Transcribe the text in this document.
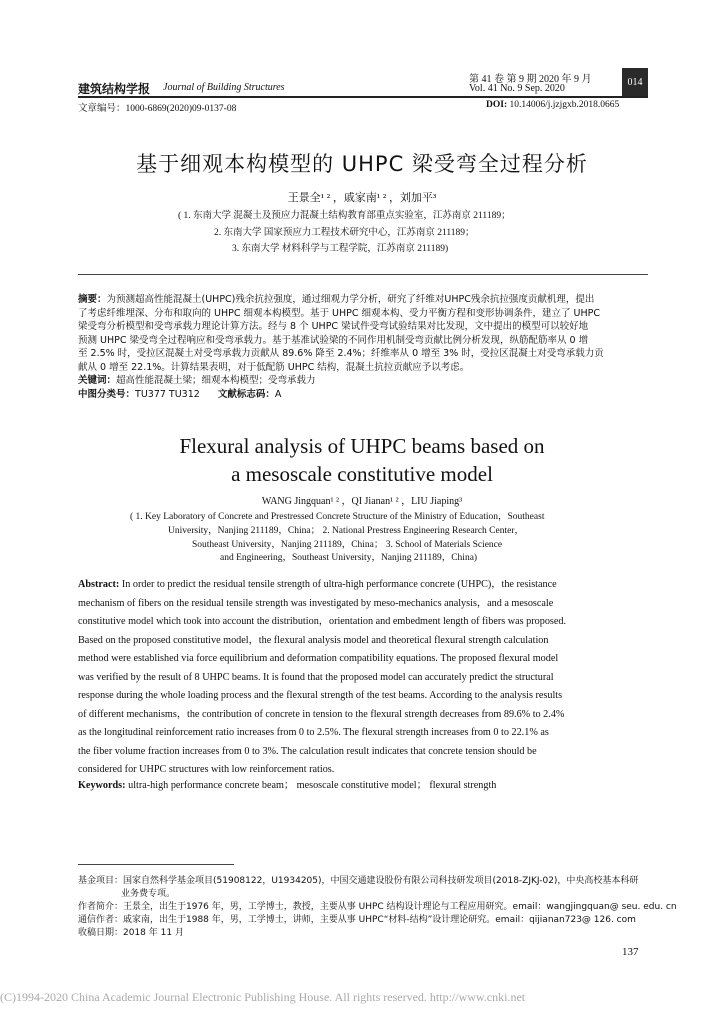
建筑结构学报 Journal of Building Structures
第 41 卷 第 9 期 2020 年 9 月
Vol. 41 No. 9 Sep. 2020
014
文章编号：1000-6869(2020)09-0137-08	DOI: 10.14006/j.jzjgxb.2018.0665
基于细观本构模型的 UHPC 梁受弯全过程分析
王景全¹ ² ，戚家南¹ ² ，刘加平³
( 1. 东南大学 混凝土及预应力混凝土结构教育部重点实验室，江苏南京 211189；
2. 东南大学 国家预应力工程技术研究中心，江苏南京 211189；
3. 东南大学 材料科学与工程学院，江苏南京 211189)
摘要：为预测超高性能混凝土(UHPC)残余抗拉强度，通过细观力学分析，研究了纤维对UHPC残余抗拉强度贡献机理，提出
了考虑纤维埋深、分布和取向的 UHPC 细观本构模型。基于 UHPC 细观本构、受力平衡方程和变形协调条件，建立了 UHPC
梁受弯分析模型和受弯承载力理论计算方法。经与 8 个 UHPC 梁试件受弯试验结果对比发现，文中提出的模型可以较好地
预测 UHPC 梁受弯全过程响应和受弯承载力。基于基准试验梁的不同作用机制受弯贡献比例分析发现，纵筋配筋率从 0 增
至 2.5% 时，受拉区混凝土对受弯承载力贡献从 89.6% 降至 2.4%；纤维率从 0 增至 3% 时，受拉区混凝土对受弯承载力贡
献从 0 增至 22.1%。计算结果表明，对于低配筋 UHPC 结构，混凝土抗拉贡献应予以考虑。
关键词：超高性能混凝土梁；细观本构模型；受弯承载力
中图分类号：TU377 TU312 文献标志码：A
Flexural analysis of UHPC beams based on
a mesoscale constitutive model
WANG Jingquan¹ ² ，QI Jianan¹ ² ，LIU Jiaping³
( 1. Key Laboratory of Concrete and Prestressed Concrete Structure of the Ministry of Education，Southeast
University，Nanjing 211189，China； 2. National Prestress Engineering Research Center，
Southeast University，Nanjing 211189，China； 3. School of Materials Science
and Engineering，Southeast University，Nanjing 211189，China)
Abstract: In order to predict the residual tensile strength of ultra-high performance concrete (UHPC)，the resistance
mechanism of fibers on the residual tensile strength was investigated by meso-mechanics analysis，and a mesoscale
constitutive model which took into account the distribution，orientation and embedment length of fibers was proposed.
Based on the proposed constitutive model，the flexural analysis model and theoretical flexural strength calculation
method were established via force equilibrium and deformation compatibility equations. The proposed flexural model
was verified by the result of 8 UHPC beams. It is found that the proposed model can accurately predict the structural
response during the whole loading process and the flexural strength of the test beams. According to the analysis results
of different mechanisms，the contribution of concrete in tension to the flexural strength decreases from 89.6% to 2.4%
as the longitudinal reinforcement ratio increases from 0 to 2.5%. The flexural strength increases from 0 to 22.1% as
the fiber volume fraction increases from 0 to 3%. The calculation result indicates that concrete tension should be
considered for UHPC structures with low reinforcement ratios.
Keywords: ultra-high performance concrete beam； mesoscale constitutive model； flexural strength
基金项目：国家自然科学基金项目(51908122，U1934205)，中国交通建设股份有限公司科技研发项目(2018-ZJKJ-02)，中央高校基本科研
业务费专项。
作者简介：王景全，出生于1976 年，男，工学博士，教授，主要从事 UHPC 结构设计理论与工程应用研究。email：wangjingquan@ seu. edu. cn
通信作者：戚家南，出生于1988 年，男，工学博士，讲师，主要从事 UHPC“材料-结构”设计理论研究。email：qijianan723@ 126. com
收稿日期：2018 年 11 月
137
(C)1994-2020 China Academic Journal Electronic Publishing House. All rights reserved. http://www.cnki.net
